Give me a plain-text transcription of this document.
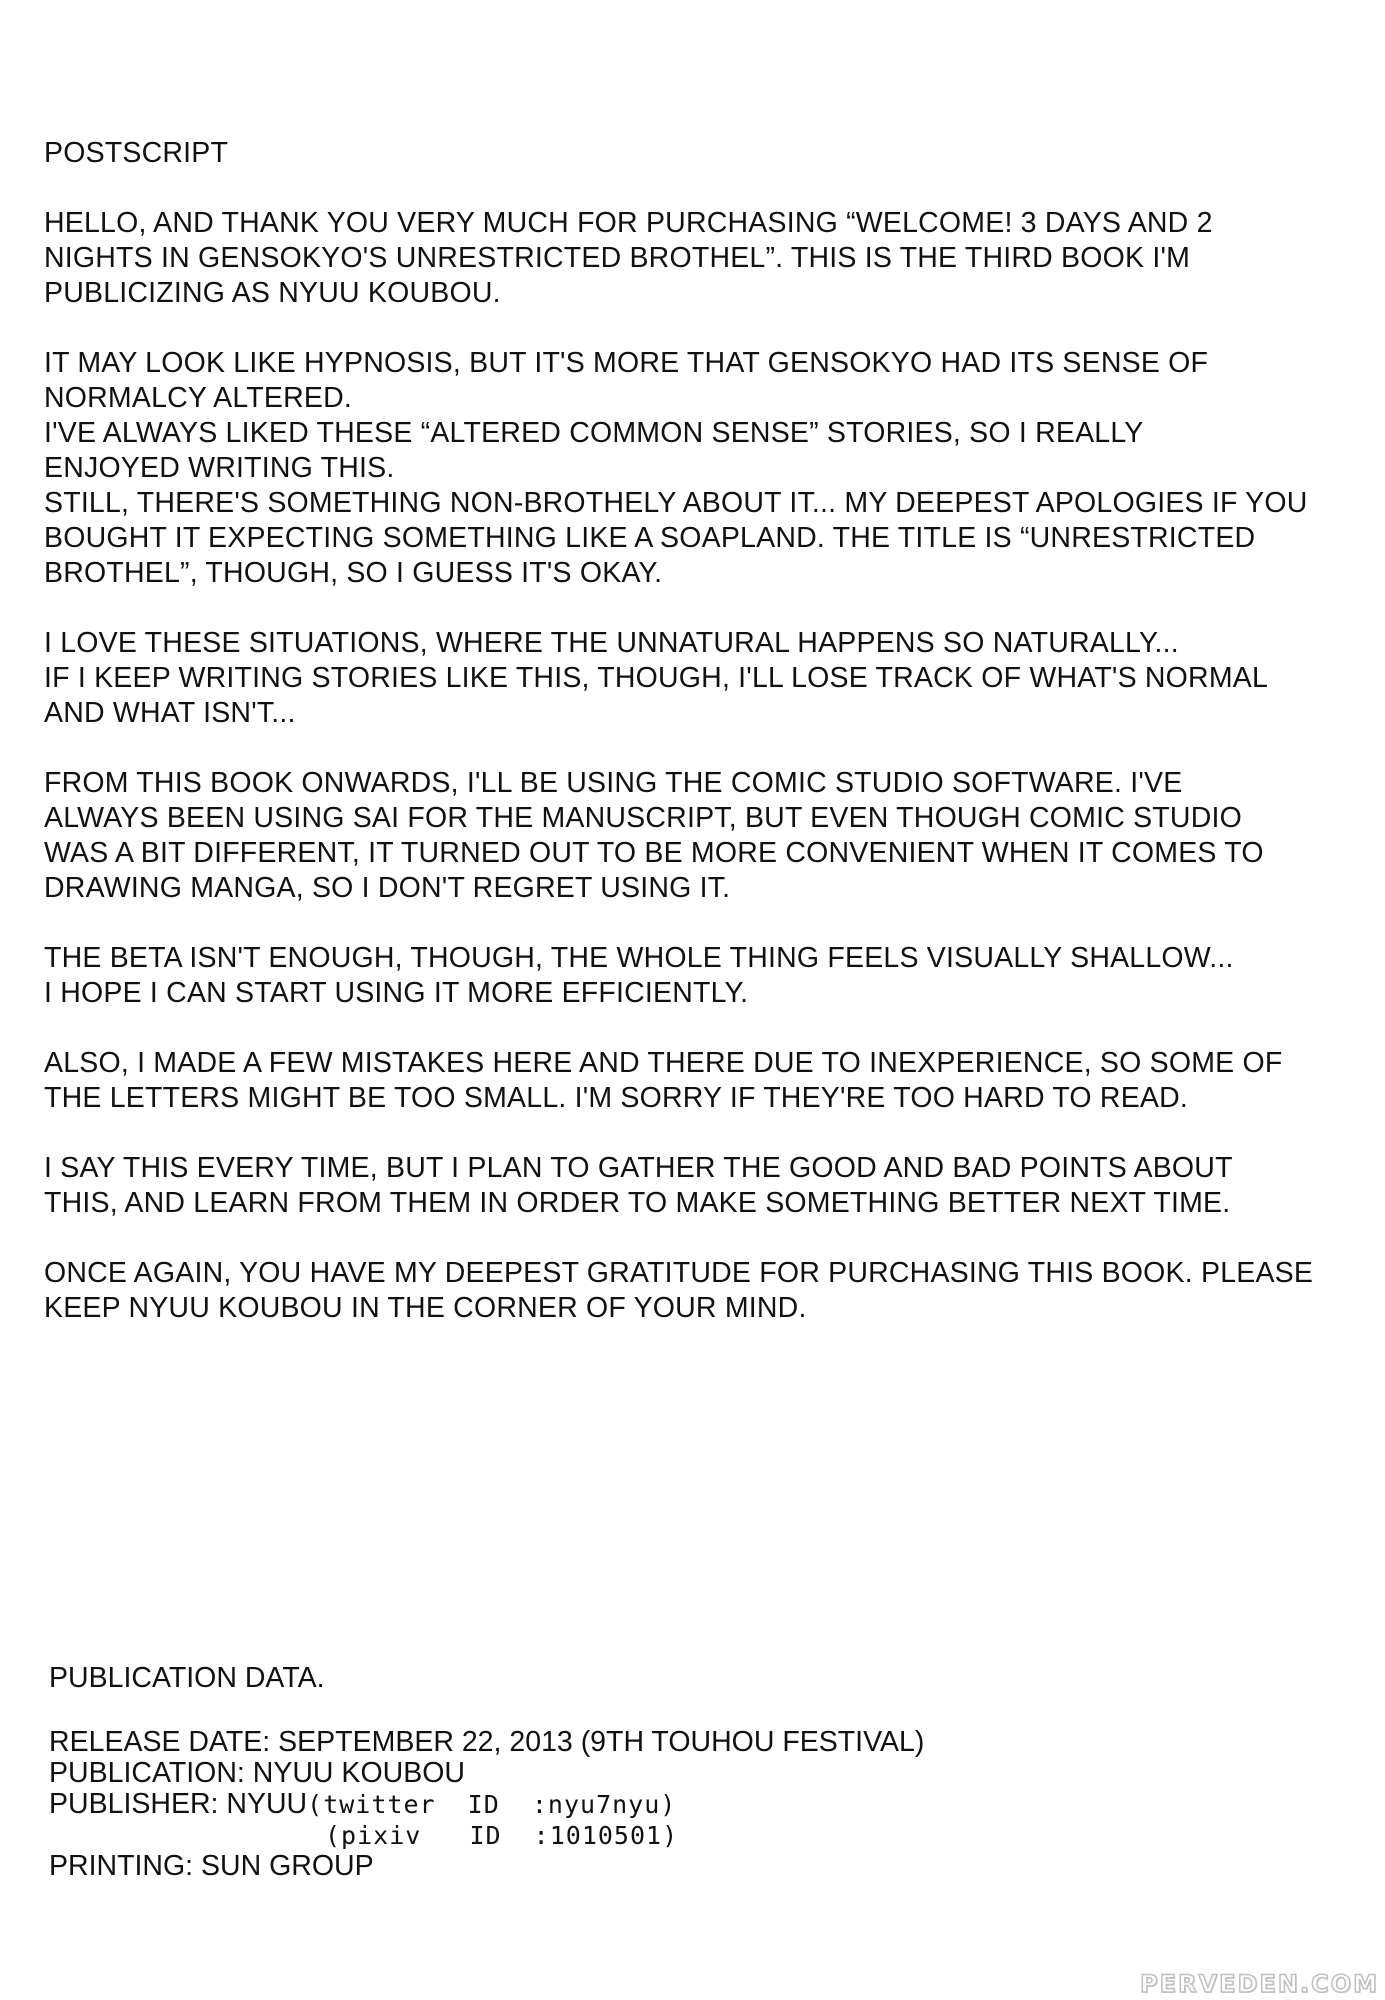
POSTSCRIPT
HELLO, AND THANK YOU VERY MUCH FOR PURCHASING “WELCOME! 3 DAYS AND 2
NIGHTS IN GENSOKYO'S UNRESTRICTED BROTHEL”. THIS IS THE THIRD BOOK I'M
PUBLICIZING AS NYUU KOUBOU.
IT MAY LOOK LIKE HYPNOSIS, BUT IT'S MORE THAT GENSOKYO HAD ITS SENSE OF
NORMALCY ALTERED.
I'VE ALWAYS LIKED THESE “ALTERED COMMON SENSE” STORIES, SO I REALLY
ENJOYED WRITING THIS.
STILL, THERE'S SOMETHING NON-BROTHELY ABOUT IT... MY DEEPEST APOLOGIES IF YOU
BOUGHT IT EXPECTING SOMETHING LIKE A SOAPLAND. THE TITLE IS “UNRESTRICTED
BROTHEL”, THOUGH, SO I GUESS IT'S OKAY.
I LOVE THESE SITUATIONS, WHERE THE UNNATURAL HAPPENS SO NATURALLY...
IF I KEEP WRITING STORIES LIKE THIS, THOUGH, I'LL LOSE TRACK OF WHAT'S NORMAL
AND WHAT ISN'T...
FROM THIS BOOK ONWARDS, I'LL BE USING THE COMIC STUDIO SOFTWARE. I'VE
ALWAYS BEEN USING SAI FOR THE MANUSCRIPT, BUT EVEN THOUGH COMIC STUDIO
WAS A BIT DIFFERENT, IT TURNED OUT TO BE MORE CONVENIENT WHEN IT COMES TO
DRAWING MANGA, SO I DON'T REGRET USING IT.
THE BETA ISN'T ENOUGH, THOUGH, THE WHOLE THING FEELS VISUALLY SHALLOW...
I HOPE I CAN START USING IT MORE EFFICIENTLY.
ALSO, I MADE A FEW MISTAKES HERE AND THERE DUE TO INEXPERIENCE, SO SOME OF
THE LETTERS MIGHT BE TOO SMALL. I'M SORRY IF THEY'RE TOO HARD TO READ.
I SAY THIS EVERY TIME, BUT I PLAN TO GATHER THE GOOD AND BAD POINTS ABOUT
THIS, AND LEARN FROM THEM IN ORDER TO MAKE SOMETHING BETTER NEXT TIME.
ONCE AGAIN, YOU HAVE MY DEEPEST GRATITUDE FOR PURCHASING THIS BOOK. PLEASE
KEEP NYUU KOUBOU IN THE CORNER OF YOUR MIND.
PUBLICATION DATA.
RELEASE DATE: SEPTEMBER 22, 2013 (9TH TOUHOU FESTIVAL)
PUBLICATION: NYUU KOUBOU
PUBLISHER: NYUU(twitter  ID  :nyu7nyu)
(pixiv   ID  :1010501)
PRINTING: SUN GROUP
PERVEDEN.COM
